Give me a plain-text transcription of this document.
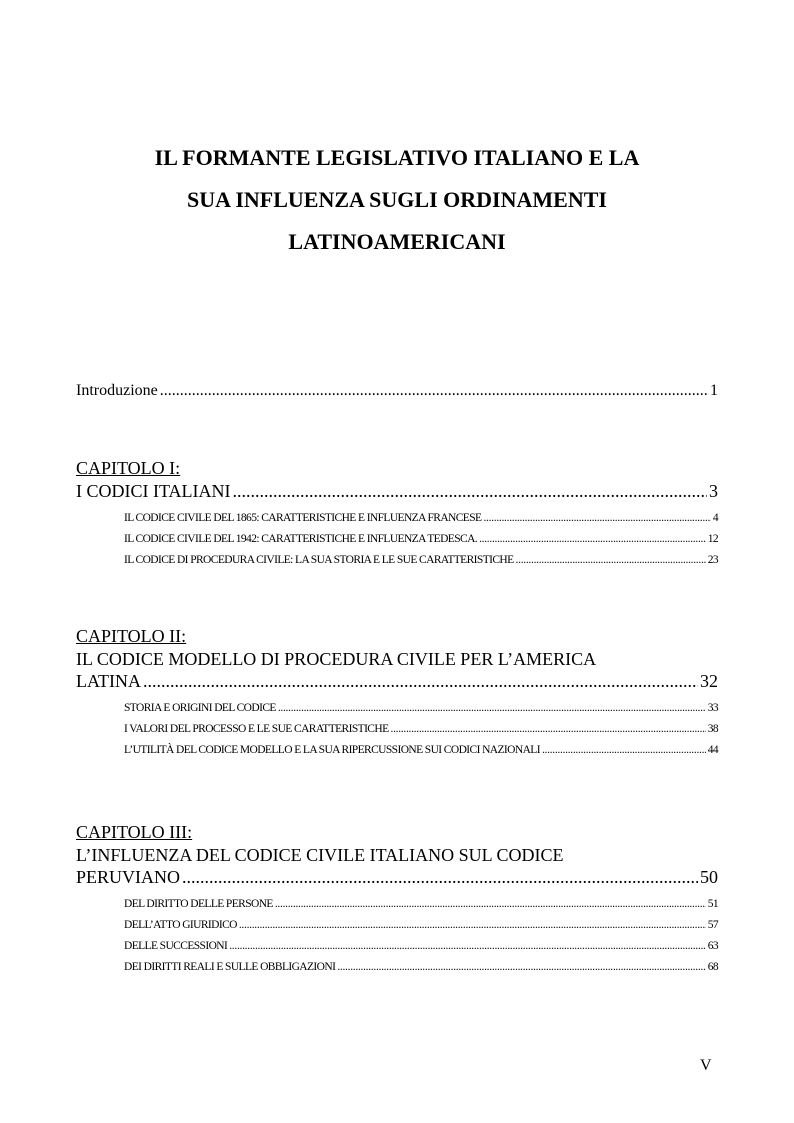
IL FORMANTE LEGISLATIVO ITALIANO E LA
SUA INFLUENZA SUGLI ORDINAMENTI
LATINOAMERICANI
Introduzione .....	1
CAPITOLO I:
I CODICI ITALIANI .....	3
IL CODICE CIVILE DEL 1865: CARATTERISTICHE E INFLUENZA FRANCESE .....	4
IL CODICE CIVILE DEL 1942: CARATTERISTICHE E INFLUENZA TEDESCA. .....	12
IL CODICE DI PROCEDURA CIVILE: LA SUA STORIA E LE SUE CARATTERISTICHE .....	23
CAPITOLO II:
IL CODICE MODELLO DI PROCEDURA CIVILE PER L’AMERICA
LATINA .....	32
STORIA E ORIGINI DEL CODICE .....	33
I VALORI DEL PROCESSO E LE SUE CARATTERISTICHE .....	38
L’UTILITÀ DEL CODICE MODELLO E LA SUA RIPERCUSSIONE SUI CODICI NAZIONALI .....	44
CAPITOLO III:
L’INFLUENZA DEL CODICE CIVILE ITALIANO SUL CODICE
PERUVIANO .....	50
DEL DIRITTO DELLE PERSONE .....	51
DELL’ATTO GIURIDICO .....	57
DELLE SUCCESSIONI .....	63
DEI DIRITTI REALI E SULLE OBBLIGAZIONI .....	68
V
